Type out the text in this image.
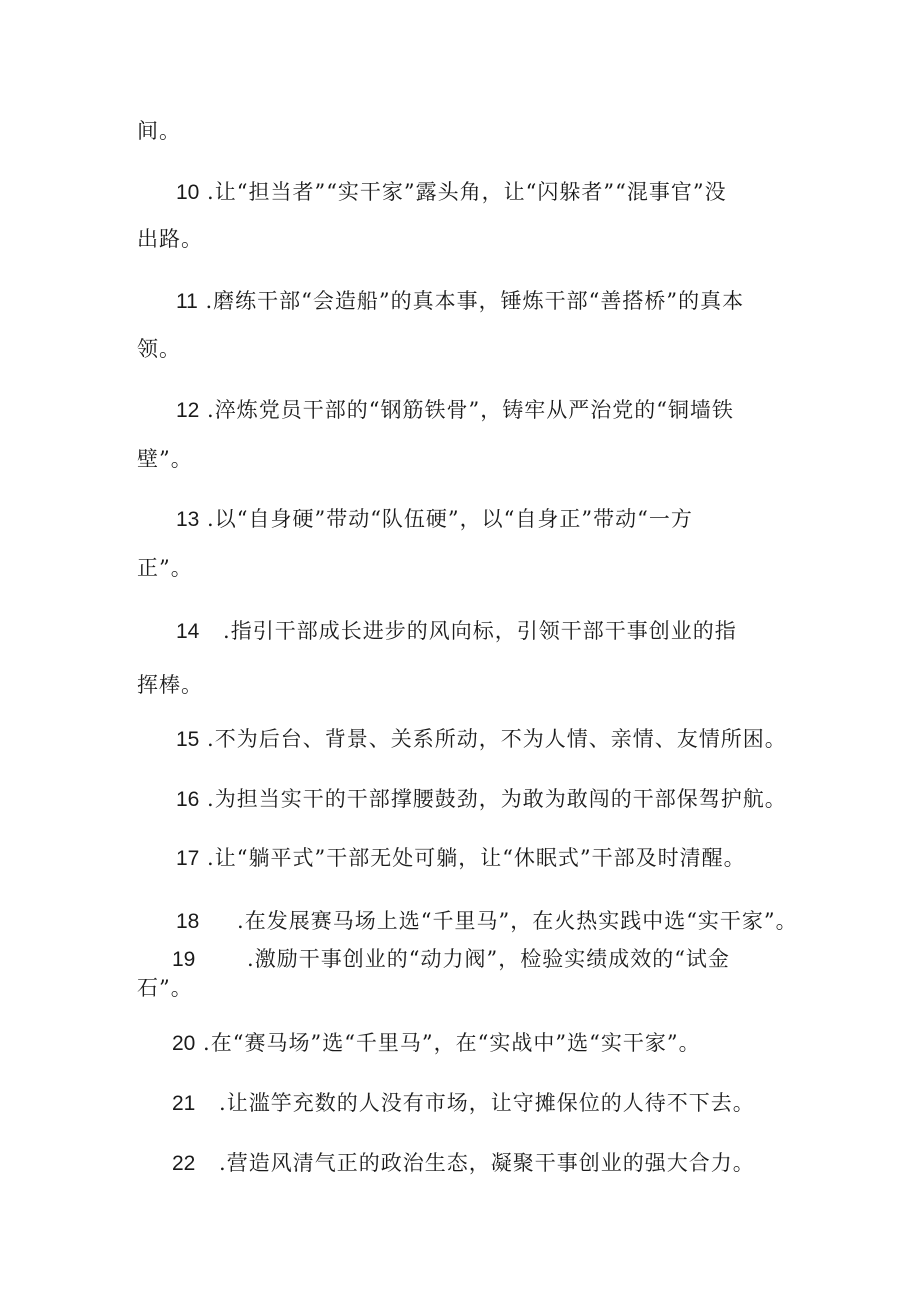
间。
10 .让“担当者”“实干家”露头角，让“闪躲者”“混事官”没
出路。
11 .磨练干部“会造船”的真本事，锤炼干部“善搭桥”的真本
领。
12 .淬炼党员干部的“钢筋铁骨”，铸牢从严治党的“铜墙铁
壁”。
13 .以“自身硬”带动“队伍硬”，以“自身正”带动“一方
正”。
14 .指引干部成长进步的风向标，引领干部干事创业的指
挥棒。
15 .不为后台、背景、关系所动，不为人情、亲情、友情所困。
16 .为担当实干的干部撑腰鼓劲，为敢为敢闯的干部保驾护航。
17 .让“躺平式”干部无处可躺，让“休眠式”干部及时清醒。
18 .在发展赛马场上选“千里马”，在火热实践中选“实干家”。
19 .激励干事创业的“动力阀”，检验实绩成效的“试金
石”。
20 .在“赛马场”选“千里马”，在“实战中”选“实干家”。
21 .让滥竽充数的人没有市场，让守摊保位的人待不下去。
22 .营造风清气正的政治生态，凝聚干事创业的强大合力。
